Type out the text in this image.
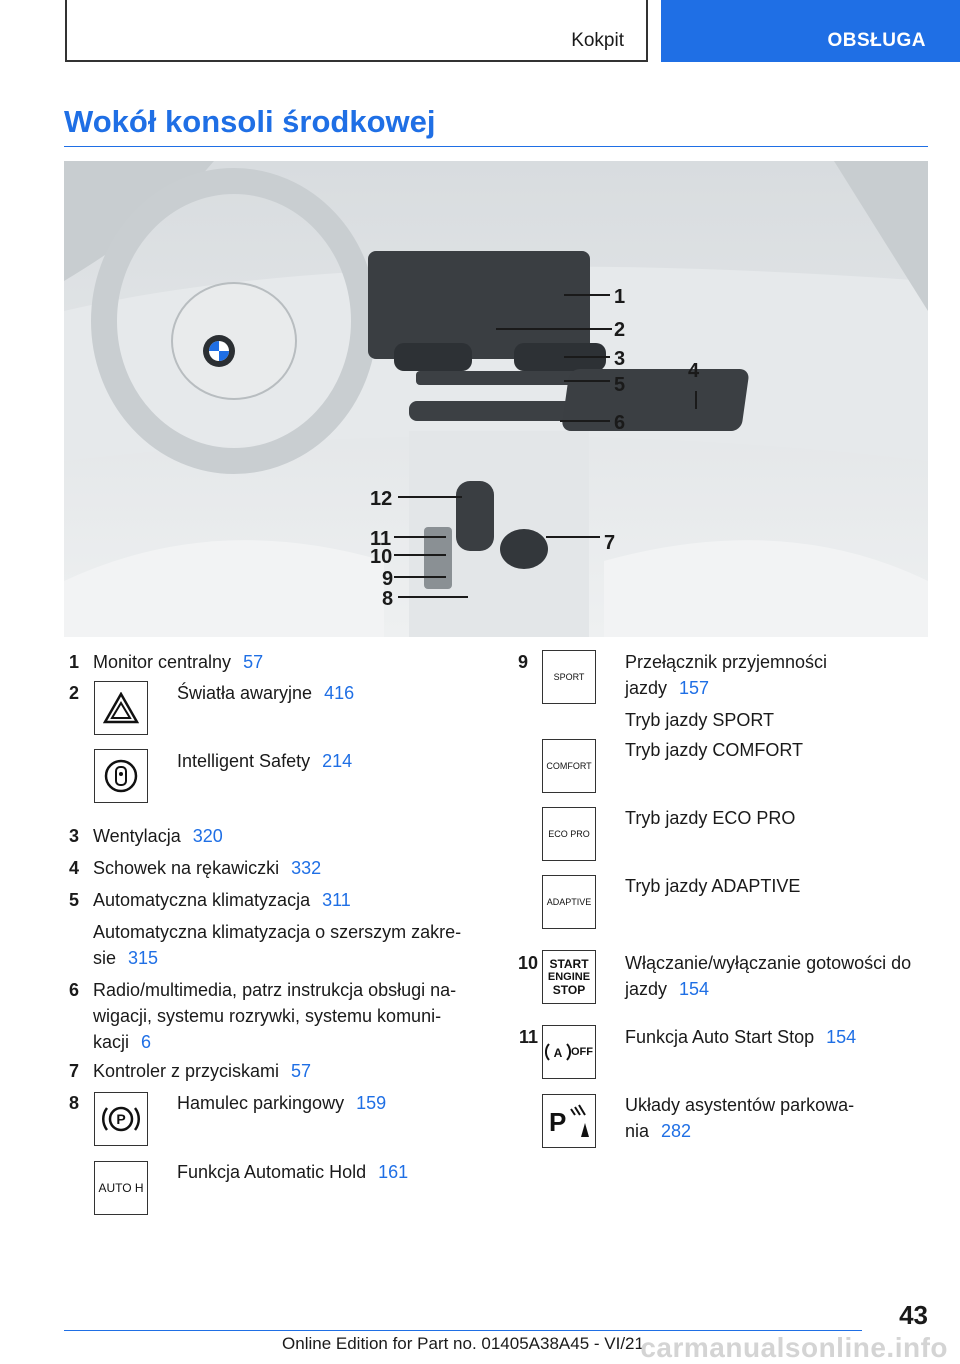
Kokpit	OBSŁUGA
Wokół konsoli środkowej
1
2
3
4
5
6
7
8
9
10
11
12
1 Monitor centralny 57
2	Światła awaryjne 416
Intelligent Safety 214
3 Wentylacja 320
4 Schowek na rękawiczki 332
5 Automatyczna klimatyzacja 311
Automatyczna klimatyzacja o szerszym zakre-
sie 315
6 Radio/multimedia, patrz instrukcja obsługi na-
wigacji, systemu rozrywki, systemu komuni-
kacji 6
7 Kontroler z przyciskami 57
8
P
Hamulec parkingowy 159
AUTO H
Funkcja Automatic Hold 161
9
SPORT
Przełącznik przyjemności
jazdy 157
Tryb jazdy SPORT
COMFORT
Tryb jazdy COMFORT
ECO PRO
Tryb jazdy ECO PRO
ADAPTIVE
Tryb jazdy ADAPTIVE
10 START
ENGINE
STOP
Włączanie/wyłączanie gotowości do
jazdy 154
11
A OFF
Funkcja Auto Start Stop 154
P
Układy asystentów parkowa-
nia 282
43
Online Edition for Part no. 01405A38A45 - VI/21
carmanualsonline.info
